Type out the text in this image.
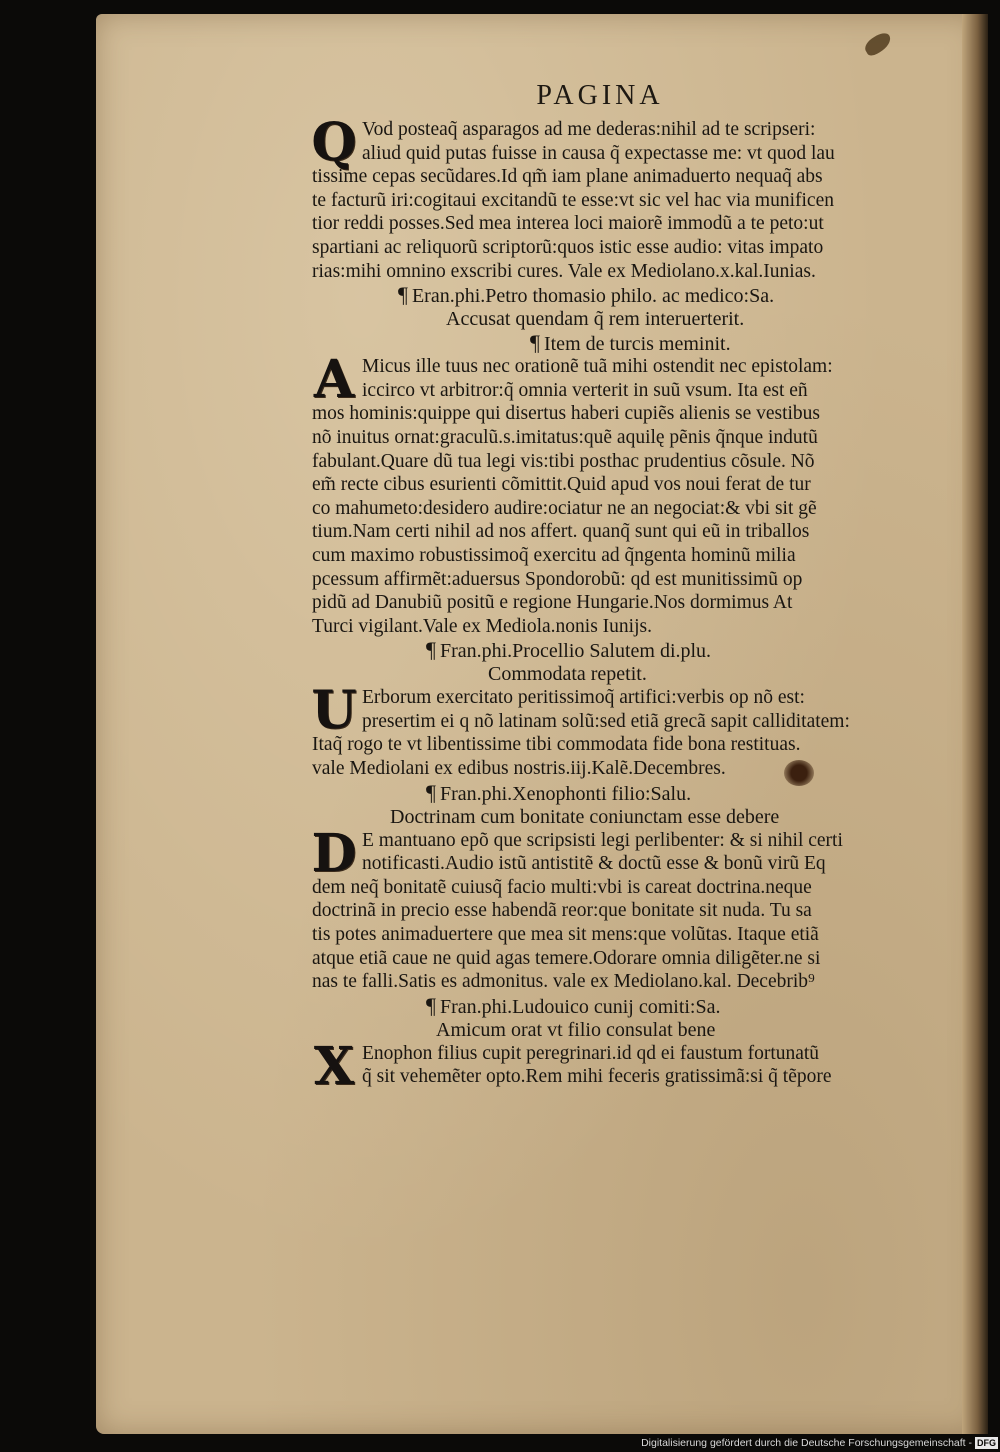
PAGINA
Q Vod posteaq̃ asparagos ad me dederas:nihil ad te scripseri:
aliud quid putas fuisse in causa q̃ expectasse me: vt quod lau
tissime cepas secũdares.Id qm̃ iam plane animaduerto nequaq̃ abs
te facturũ iri:cogitaui excitandũ te esse:vt sic vel hac via munificen
tior reddi posses.Sed mea interea loci maiorẽ immodũ a te peto:ut
spartiani ac reliquorũ scriptorũ:quos istic esse audio: vitas impato
rias:mihi omnino exscribi cures. Vale ex Mediolano.x.kal.Iunias.
¶ Eran.phi.Petro thomasio philo. ac medico:Sa.
Accusat quendam q̃ rem interuerterit.
¶ Item de turcis meminit.
A Micus ille tuus nec orationẽ tuã mihi ostendit nec epistolam:
iccirco vt arbitror:q̃ omnia verterit in suũ vsum. Ita est eñ
mos hominis:quippe qui disertus haberi cupiẽs alienis se vestibus
nõ inuitus ornat:graculũ.s.imitatus:quẽ aquilę pẽnis q̃nque indutũ
fabulant.Quare dũ tua legi vis:tibi posthac prudentius cõsule. Nõ
em̃ recte cibus esurienti cõmittit.Quid apud vos noui ferat de tur
co mahumeto:desidero audire:ociatur ne an negociat:& vbi sit gẽ
tium.Nam certi nihil ad nos affert. quanq̃ sunt qui eũ in triballos
cum maximo robustissimoq̃ exercitu ad q̃ngenta hominũ milia
pcessum affirmẽt:aduersus Spondorobũ: qd est munitissimũ op
pidũ ad Danubiũ positũ e regione Hungarie.Nos dormimus At
Turci vigilant.Vale ex Mediola.nonis Iunijs.
¶ Fran.phi.Procellio Salutem di.plu.
Commodata repetit.
U Erborum exercitato peritissimoq̃ artifici:verbis op nõ est:
presertim ei q nõ latinam solũ:sed etiã grecã sapit calliditatem:
Itaq̃ rogo te vt libentissime tibi commodata fide bona restituas.
vale Mediolani ex edibus nostris.iij.Kalẽ.Decembres.
¶ Fran.phi.Xenophonti filio:Salu.
Doctrinam cum bonitate coniunctam esse debere
D E mantuano epõ que scripsisti legi perlibenter: & si nihil certi
notificasti.Audio istũ antistitẽ & doctũ esse & bonũ virũ Eq
dem neq̃ bonitatẽ cuiusq̃ facio multi:vbi is careat doctrina.neque
doctrinã in precio esse habendã reor:que bonitate sit nuda. Tu sa
tis potes animaduertere que mea sit mens:que volũtas. Itaque etiã
atque etiã caue ne quid agas temere.Odorare omnia diligẽter.ne si
nas te falli.Satis es admonitus. vale ex Mediolano.kal. Decebrib⁹
¶ Fran.phi.Ludouico cunij comiti:Sa.
Amicum orat vt filio consulat bene
X Enophon filius cupit peregrinari.id qd ei faustum fortunatũ
q̃ sit vehemẽter opto.Rem mihi feceris gratissimã:si q̃ tẽpore
Digitalisierung gefördert durch die Deutsche Forschungsgemeinschaft - DFG
